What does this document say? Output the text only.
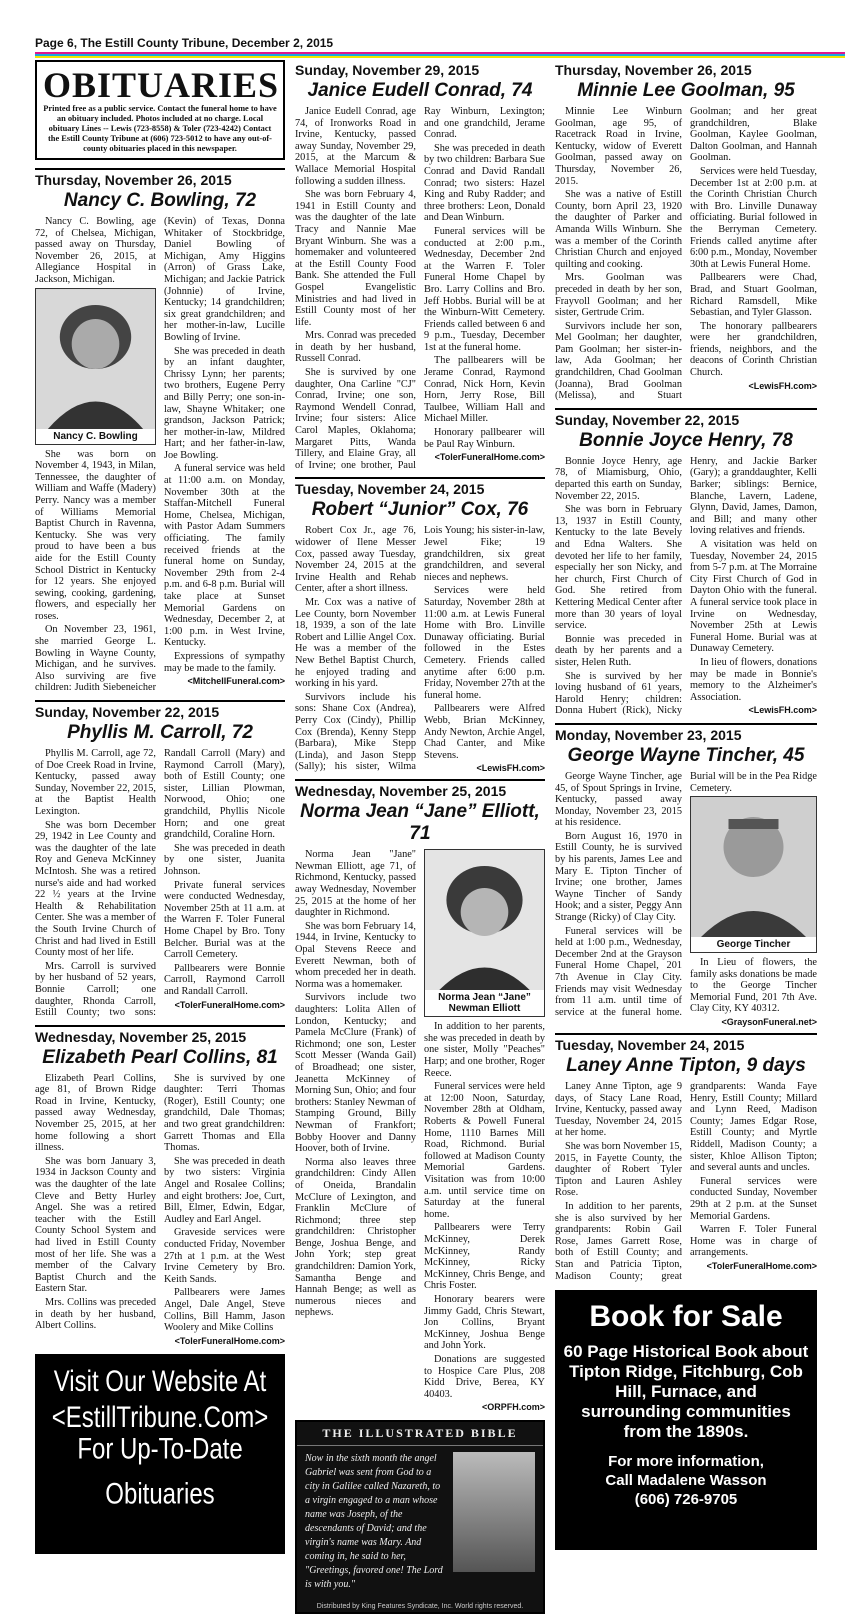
Page 6, The Estill County Tribune, December 2, 2015
OBITUARIES
Printed free as a public service. Contact the funeral home to have an obituary included. Photos included at no charge. Local obituary Lines -- Lewis (723-8558) & Toler (723-4242) Contact the Estill County Tribune at (606) 723-5012 to have any out-of-county obituaries placed in this newspaper.
Thursday, November 26, 2015
Nancy C. Bowling, 72

Nancy C. Bowling, age 72, of Chelsea, Michigan, passed away on Thursday, November 26, 2015, at Allegiance Hospital in Jackson, Michigan.

Nancy C. Bowling

She was born on November 4, 1943, in Milan, Tennessee, the daughter of William and Waffe (Madery) Perry. Nancy was a member of Williams Memorial Baptist Church in Ravenna, Kentucky. She was very proud to have been a bus aide for the Estill County School District in Kentucky for 12 years. She enjoyed sewing, cooking, gardening, flowers, and especially her roses.

On November 23, 1961, she married George L. Bowling in Wayne County, Michigan, and he survives. Also surviving are five children: Judith Siebeneicher (Kevin) of Texas, Donna Whitaker of Stockbridge, Daniel Bowling of Michigan, Amy Higgins (Arron) of Grass Lake, Michigan; and Jackie Patrick (Johnnie) of Irvine, Kentucky; 14 grandchildren; six great grandchildren; and her mother-in-law, Lucille Bowling of Irvine.

She was preceded in death by an infant daughter, Chrissy Lynn; her parents; two brothers, Eugene Perry and Billy Perry; one son-in-law, Shayne Whitaker; one grandson, Jackson Patrick; her mother-in-law, Mildred Hart; and her father-in-law, Joe Bowling.

A funeral service was held at 11:00 a.m. on Monday, November 30th at the Staffan-Mitchell Funeral Home, Chelsea, Michigan, with Pastor Adam Summers officiating. The family received friends at the funeral home on Sunday, November 29th from 2-4 p.m. and 6-8 p.m. Burial will take place at Sunset Memorial Gardens on Wednesday, December 2, at 1:00 p.m. in West Irvine, Kentucky.

Expressions of sympathy may be made to the family.

<MitchellFuneral.com>
Sunday, November 22, 2015
Phyllis M. Carroll, 72

Phyllis M. Carroll, age 72, of Doe Creek Road in Irvine, Kentucky, passed away Sunday, November 22, 2015, at the Baptist Health Lexington.

She was born December 29, 1942 in Lee County and was the daughter of the late Roy and Geneva McKinney McIntosh. She was a retired nurse's aide and had worked 22 ½ years at the Irvine Health & Rehabilitation Center. She was a member of the South Irvine Church of Christ and had lived in Estill County most of her life.

Mrs. Carroll is survived by her husband of 52 years, Bonnie Carroll; one daughter, Rhonda Carroll, Estill County; two sons: Randall Carroll (Mary) and Raymond Carroll (Mary), both of Estill County; one sister, Lillian Plowman, Norwood, Ohio; one grandchild, Phyllis Nicole Horn; and one great grandchild, Coraline Horn.

She was preceded in death by one sister, Juanita Johnson.

Private funeral services were conducted Wednesday, November 25th at 11 a.m. at the Warren F. Toler Funeral Home Chapel by Bro. Tony Belcher. Burial was at the Carroll Cemetery.

Pallbearers were Bonnie Carroll, Raymond Carroll and Randall Carroll.

<TolerFuneralHome.com>
Wednesday, November 25, 2015
Elizabeth Pearl Collins, 81

Elizabeth Pearl Collins, age 81, of Brown Ridge Road in Irvine, Kentucky, passed away Wednesday, November 25, 2015, at her home following a short illness.

She was born January 3, 1934 in Jackson County and was the daughter of the late Cleve and Betty Hurley Angel. She was a retired teacher with the Estill County School System and had lived in Estill County most of her life. She was a member of the Calvary Baptist Church and the Eastern Star.

Mrs. Collins was preceded in death by her husband, Albert Collins.

She is survived by one daughter: Terri Thomas (Roger), Estill County; one grandchild, Dale Thomas; and two great grandchildren: Garrett Thomas and Ella Thomas.

She was preceded in death by two sisters: Virginia Angel and Rosalee Collins; and eight brothers: Joe, Curt, Bill, Elmer, Edwin, Edgar, Audley and Earl Angel.

Graveside services were conducted Friday, November 27th at 1 p.m. at the West Irvine Cemetery by Bro. Keith Sands.

Pallbearers were James Angel, Dale Angel, Steve Collins, Bill Hamm, Jason Woolery and Mike Collins

<TolerFuneralHome.com>
Visit Our Website At
<EstillTribune.Com>
For Up-To-Date Obituaries
Sunday, November 29, 2015
Janice Eudell Conrad, 74

Janice Eudell Conrad, age 74, of Ironworks Road in Irvine, Kentucky, passed away Sunday, November 29, 2015, at the Marcum & Wallace Memorial Hospital following a sudden illness.

She was born February 4, 1941 in Estill County and was the daughter of the late Tracy and Nannie Mae Bryant Winburn. She was a homemaker and volunteered at the Estill County Food Bank. She attended the Full Gospel Evangelistic Ministries and had lived in Estill County most of her life.

Mrs. Conrad was preceded in death by her husband, Russell Conrad.

She is survived by one daughter, Ona Carline "CJ" Conrad, Irvine; one son, Raymond Wendell Conrad, Irvine; four sisters: Alice Carol Maples, Oklahoma; Margaret Pitts, Wanda Tillery, and Elaine Gray, all of Irvine; one brother, Paul Ray Winburn, Lexington; and one grandchild, Jerame Conrad.

She was preceded in death by two children: Barbara Sue Conrad and David Randall Conrad; two sisters: Hazel King and Ruby Radder; and three brothers: Leon, Donald and Dean Winburn.

Funeral services will be conducted at 2:00 p.m., Wednesday, December 2nd at the Warren F. Toler Funeral Home Chapel by Bro. Larry Collins and Bro. Jeff Hobbs. Burial will be at the Winburn-Witt Cemetery. Friends called between 6 and 9 p.m., Tuesday, December 1st at the funeral home.

The pallbearers will be Jerame Conrad, Raymond Conrad, Nick Horn, Kevin Horn, Jerry Rose, Bill Taulbee, William Hall and Michael Miller.

Honorary pallbearer will be Paul Ray Winburn.

<TolerFuneralHome.com>
Tuesday, November 24, 2015
Robert “Junior” Cox, 76

Robert Cox Jr., age 76, widower of Ilene Messer Cox, passed away Tuesday, November 24, 2015 at the Irvine Health and Rehab Center, after a short illness.

Mr. Cox was a native of Lee County, born November 18, 1939, a son of the late Robert and Lillie Angel Cox. He was a member of the New Bethel Baptist Church, he enjoyed trading and working in his yard.

Survivors include his sons: Shane Cox (Andrea), Perry Cox (Cindy), Phillip Cox (Brenda), Kenny Stepp (Barbara), Mike Stepp (Linda), and Jason Stepp (Sally); his sister, Wilma Lois Young; his sister-in-law, Jewel Fike; 19 grandchildren, six great grandchildren, and several nieces and nephews.

Services were held Saturday, November 28th at 11:00 a.m. at Lewis Funeral Home with Bro. Linville Dunaway officiating. Burial followed in the Estes Cemetery. Friends called anytime after 6:00 p.m. Friday, November 27th at the funeral home.

Pallbearers were Alfred Webb, Brian McKinney, Andy Newton, Archie Angel, Chad Canter, and Mike Stevens.

<LewisFH.com>
Wednesday, November 25, 2015
Norma Jean “Jane” Elliott, 71

Norma Jean "Jane" Newman Elliott, age 71, of Richmond, Kentucky, passed away Wednesday, November 25, 2015 at the home of her daughter in Richmond.

She was born February 14, 1944, in Irvine, Kentucky to Opal Stevens Reece and Everett Newman, both of whom preceded her in death. Norma was a homemaker.

Survivors include two daughters: Lolita Allen of London, Kentucky; and Pamela McClure (Frank) of Richmond; one son, Lester Scott Messer (Wanda Gail) of Broadhead; one sister, Jeanetta McKinney of Morning Sun, Ohio; and four brothers: Stanley Newman of Stamping Ground, Billy Newman of Frankfort; Bobby Hoover and Danny Hoover, both of Irvine.

Norma also leaves three grandchildren: Cindy Allen of Oneida, Brandalin McClure of Lexington, and Franklin McClure of Richmond; three step grandchildren: Christopher Benge, Joshua Benge, and John York; step great grandchildren: Damion York, Samantha Benge and Hannah Benge; as well as numerous nieces and nephews.

Norma Jean “Jane” Newman Elliott

In addition to her parents, she was preceded in death by one sister, Molly "Peaches" Harp; and one brother, Roger Reece.

Funeral services were held at 12:00 Noon, Saturday, November 28th at Oldham, Roberts & Powell Funeral Home, 1110 Barnes Mill Road, Richmond. Burial followed at Madison County Memorial Gardens. Visitation was from 10:00 a.m. until service time on Saturday at the funeral home.

Pallbearers were Terry McKinney, Derek McKinney, Randy McKinney, Ricky McKinney, Chris Benge, and Chris Foster.

Honorary bearers were Jimmy Gadd, Chris Stewart, Jon Collins, Bryant McKinney, Joshua Benge and John York.

Donations are suggested to Hospice Care Plus, 208 Kidd Drive, Berea, KY 40403.

<ORPFH.com>
THE ILLUSTRATED BIBLE
Now in the sixth month the angel Gabriel was sent from God to a city in Galilee called Nazareth, to a virgin engaged to a man whose name was Joseph, of the descendants of David; and the virgin's name was Mary. And coming in, he said to her, "Greetings, favored one! The Lord is with you."
Distributed by King Features Syndicate, Inc. World rights reserved.
Thursday, November 26, 2015
Minnie Lee Goolman, 95

Minnie Lee Winburn Goolman, age 95, of Racetrack Road in Irvine, Kentucky, widow of Everett Goolman, passed away on Thursday, November 26, 2015.

She was a native of Estill County, born April 23, 1920 the daughter of Parker and Amanda Wills Winburn. She was a member of the Corinth Christian Church and enjoyed quilting and cooking.

Mrs. Goolman was preceded in death by her son, Frayvoll Goolman; and her sister, Gertrude Crim.

Survivors include her son, Mel Goolman; her daughter, Pam Goolman; her sister-in-law, Ada Goolman; her grandchildren, Chad Goolman (Joanna), Brad Goolman (Melissa), and Stuart Goolman; and her great grandchildren, Blake Goolman, Kaylee Goolman, Dalton Goolman, and Hannah Goolman.

Services were held Tuesday, December 1st at 2:00 p.m. at the Corinth Christian Church with Bro. Linville Dunaway officiating. Burial followed in the Berryman Cemetery. Friends called anytime after 6:00 p.m., Monday, November 30th at Lewis Funeral Home.

Pallbearers were Chad, Brad, and Stuart Goolman, Richard Ramsdell, Mike Sebastian, and Tyler Glasson.

The honorary pallbearers were her grandchildren, friends, neighbors, and the deacons of Corinth Christian Church.

<LewisFH.com>
Sunday, November 22, 2015
Bonnie Joyce Henry, 78

Bonnie Joyce Henry, age 78, of Miamisburg, Ohio, departed this earth on Sunday, November 22, 2015.

She was born in February 13, 1937 in Estill County, Kentucky to the late Bevely and Edna Walters. She devoted her life to her family, especially her son Nicky, and her church, First Church of God. She retired from Kettering Medical Center after more than 30 years of loyal service.

Bonnie was preceded in death by her parents and a sister, Helen Ruth.

She is survived by her loving husband of 61 years, Harold Henry; children: Donna Hubert (Rick), Nicky Henry, and Jackie Barker (Gary); a granddaughter, Kelli Barker; siblings: Bernice, Blanche, Lavern, Ladene, Glynn, David, James, Damon, and Bill; and many other loving relatives and friends.

A visitation was held on Tuesday, November 24, 2015 from 5-7 p.m. at The Morraine City First Church of God in Dayton Ohio with the funeral. A funeral service took place in Irvine on Wednesday, November 25th at Lewis Funeral Home. Burial was at Dunaway Cemetery.

In lieu of flowers, donations may be made in Bonnie's memory to the Alzheimer's Association.

<LewisFH.com>
Monday, November 23, 2015
George Wayne Tincher, 45

George Wayne Tincher, age 45, of Spout Springs in Irvine, Kentucky, passed away Monday, November 23, 2015 at his residence.

Born August 16, 1970 in Estill County, he is survived by his parents, James Lee and Mary E. Tipton Tincher of Irvine; one brother, James Wayne Tincher of Sandy Hook; and a sister, Peggy Ann Strange (Ricky) of Clay City.

Funeral services will be held at 1:00 p.m., Wednesday, December 2nd at the Grayson Funeral Home Chapel, 201 7th Avenue in Clay City. Friends may visit Wednesday from 11 a.m. until time of service at the funeral home. Burial will be in the Pea Ridge Cemetery.

George Tincher

In Lieu of flowers, the family asks donations be made to the George Tincher Memorial Fund, 201 7th Ave. Clay City, KY 40312.

<GraysonFuneral.net>
Tuesday, November 24, 2015
Laney Anne Tipton, 9 days

Laney Anne Tipton, age 9 days, of Stacy Lane Road, Irvine, Kentucky, passed away Tuesday, November 24, 2015 at her home.

She was born November 15, 2015, in Fayette County, the daughter of Robert Tyler Tipton and Lauren Ashley Rose.

In addition to her parents, she is also survived by her grandparents: Robin Gail Rose, James Garrett Rose, both of Estill County; and Stan and Patricia Tipton, Madison County; great grandparents: Wanda Faye Henry, Estill County; Millard and Lynn Reed, Madison County; James Edgar Rose, Estill County; and Myrtle Riddell, Madison County; a sister, Khloe Allison Tipton; and several aunts and uncles.

Funeral services were conducted Sunday, November 29th at 2 p.m. at the Sunset Memorial Gardens.

Warren F. Toler Funeral Home was in charge of arrangements.

<TolerFuneralHome.com>
Book for Sale
60 Page Historical Book about Tipton Ridge, Fitchburg, Cob Hill, Furnace, and surrounding communities from the 1890s.
For more information,
Call Madalene Wasson
(606) 726-9705
